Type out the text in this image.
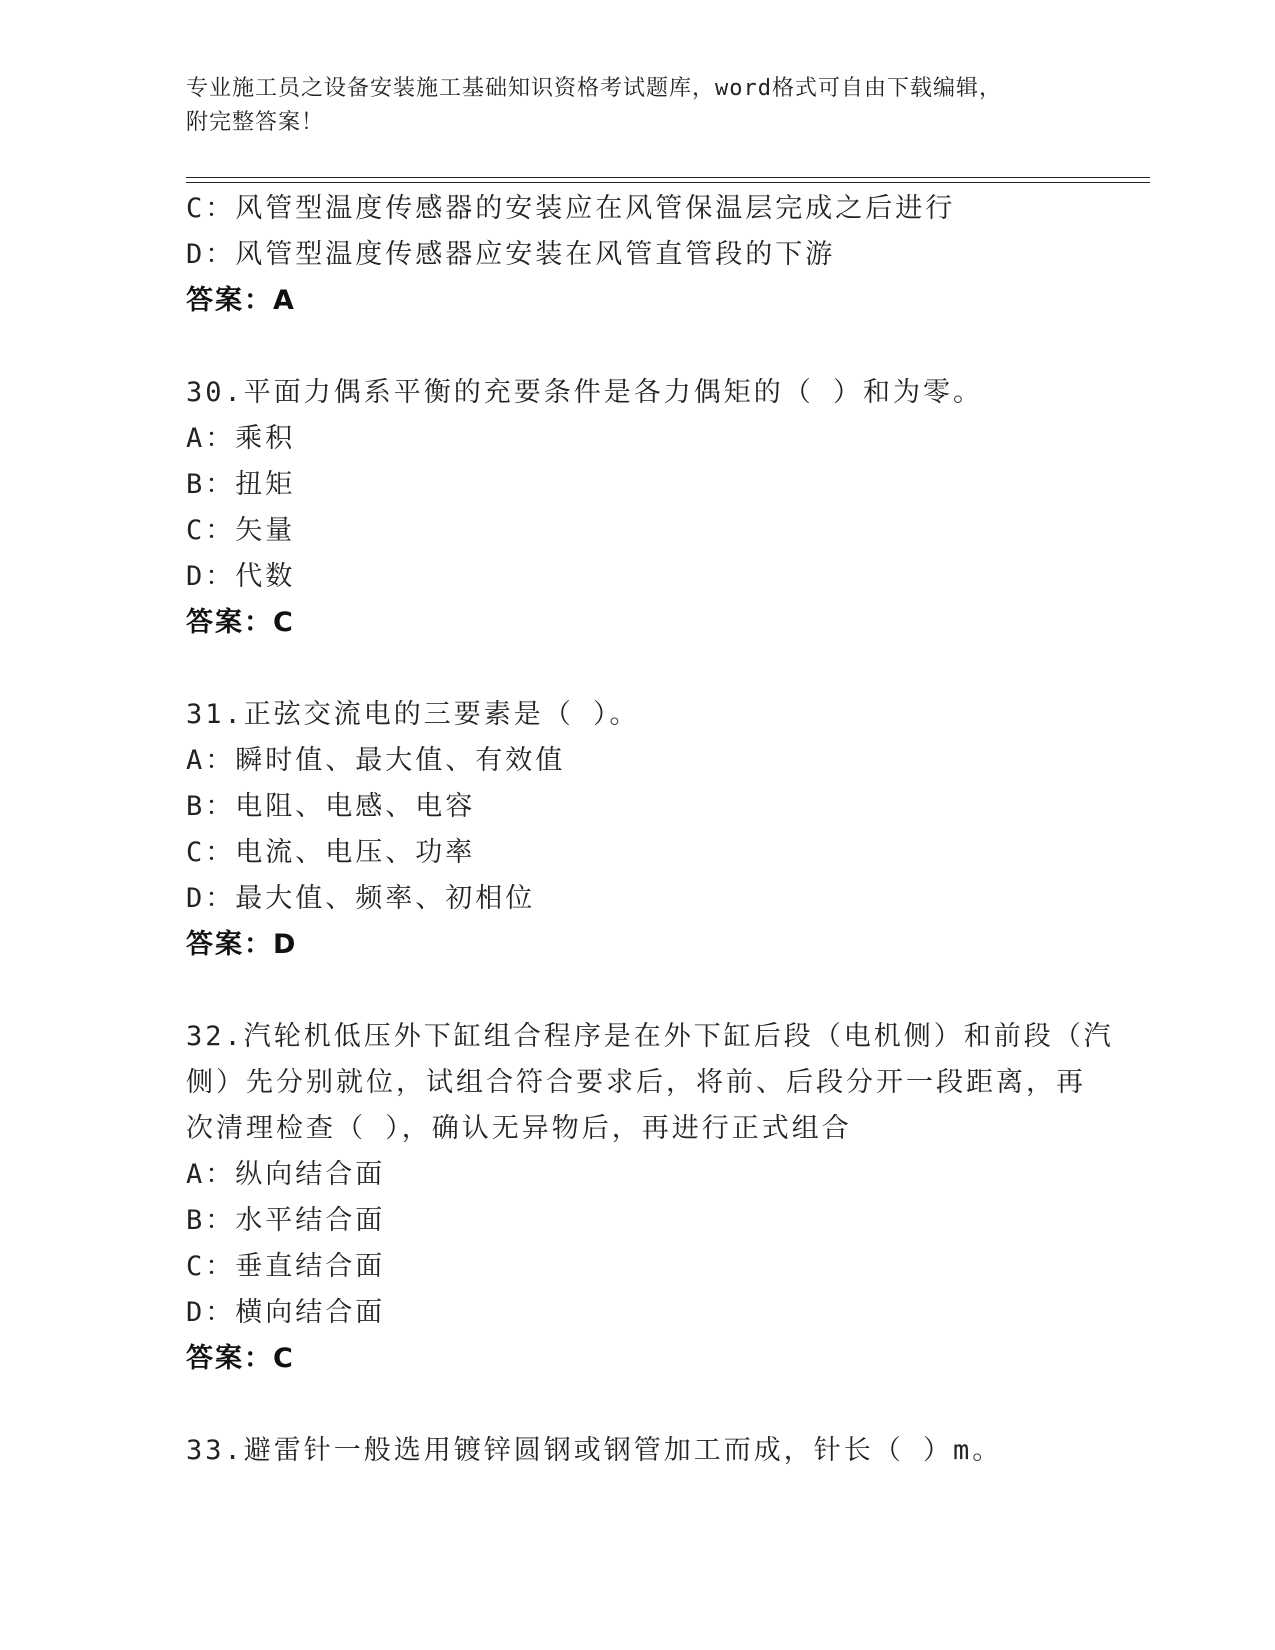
专业施工员之设备安装施工基础知识资格考试题库，word格式可自由下载编辑，
附完整答案！
C：风管型温度传感器的安装应在风管保温层完成之后进行
D：风管型温度传感器应安装在风管直管段的下游
答案：A
30.平面力偶系平衡的充要条件是各力偶矩的（ ）和为零。
A：乘积
B：扭矩
C：矢量
D：代数
答案：C
31.正弦交流电的三要素是（ ）。
A：瞬时值、最大值、有效值
B：电阻、电感、电容
C：电流、电压、功率
D：最大值、频率、初相位
答案：D
32.汽轮机低压外下缸组合程序是在外下缸后段（电机侧）和前段（汽
侧）先分别就位，试组合符合要求后，将前、后段分开一段距离，再
次清理检查（ ），确认无异物后，再进行正式组合
A：纵向结合面
B：水平结合面
C：垂直结合面
D：横向结合面
答案：C
33.避雷针一般选用镀锌圆钢或钢管加工而成，针长（ ）m。
